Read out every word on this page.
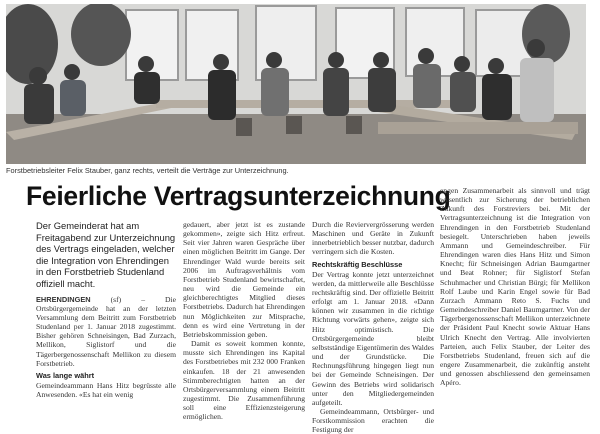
Forstbetriebsleiter Felix Stauber, ganz rechts, verteilt die Verträge zur Unterzeichnung.
Feierliche Vertragsunterzeichnung

Der Gemeinderat hat am Freitagabend zur Unterzeichnung des Vertrags eingeladen, welcher die Integration von Ehrendingen in den Forstbetrieb Studenland offiziell macht.

EHRENDINGEN	(sf) – Die Ortsbürgergemeinde hat an der letzten Versammlung dem Beitritt zum Forstbetrieb Studenland per 1. Januar 2018 zugestimmt. Bisher gehören Schneisingen, Bad Zurzach, Mellikon, Siglistorf und die Tägerbergenossenschaft Mellikon zu diesem Forstbetrieb.

Was lange währt

Gemeindeammann Hans Hitz begrüsste alle Anwesenden. «Es hat ein wenig

gedauert, aber jetzt ist es zustande gekommen», zeigte sich Hitz erfreut. Seit vier Jahren waren Gespräche über einen möglichen Beitritt im Gange. Der Ehrendinger Wald wurde bereits seit 2006 im Auftragsverhältnis vom Forstbetrieb Studenland bewirtschaftet, neu wird die Gemeinde ein gleichberechtigtes Mitglied dieses Forstbetriebs. Dadurch hat Ehrendingen nun Möglichkeiten zur Mitsprache, denn es wird eine Vertretung in der Betriebskommission geben.

Damit es soweit kommen konnte, musste sich Ehrendingen ins Kapital des Forstbetriebes mit 232 000 Franken einkaufen. 18 der 21 anwesenden Stimmberechtigten hatten an der Ortsbürgerversammlung einem Beitritt zugestimmt. Die Zusammenführung soll eine Effizienzsteigerung ermöglichen.

Durch die Reviervergrösserung werden Maschinen und Geräte in Zukunft innerbetrieblich besser nutzbar, dadurch verringern sich die Kosten.

Rechtskräftig Beschlüsse

Der Vertrag konnte jetzt unterzeichnet werden, da mittlerweile alle Beschlüsse rechtskräftig sind. Der offizielle Beitritt erfolgt am 1. Januar 2018. «Dann können wir zusammen in die richtige Richtung vorwärts gehen», zeigte sich Hitz optimistisch. Die Ortsbürgergemeinde bleibt selbstständige Eigentümerin des Waldes und der Grundstücke. Die Rechnungsführung hingegen liegt nun bei der Gemeinde Schneisingen. Der Gewinn des Betriebs wird solidarisch unter den Mitgliedergemeinden aufgeteilt.

Gemeindeammann, Ortsbürger- und Forstkommission erachten die Festigung der

engen Zusammenarbeit als sinnvoll und trägt wesentlich zur Sicherung der betrieblichen Zukunft des Forstreviers bei. Mit der Vertragsunterzeichnung ist die Integration von Ehrendingen in den Forstbetrieb Studenland besiegelt. Unterschrieben haben jeweils Ammann und Gemeindeschreiber. Für Ehrendingen waren dies Hans Hitz und Simon Knecht; für Schneisingen Adrian Baumgartner und Beat Rohner; für Siglistorf Stefan Schuhmacher und Christian Bürgi; für Mellikon Rolf Laube und Karin Engel sowie für Bad Zurzach Ammann Reto S. Fuchs und Gemeindeschreiber Daniel Baumgartner. Von der Tägerbergenossenschaft Mellikon unterzeichnete der Präsident Paul Knecht sowie Aktuar Hans Ulrich Knecht den Vertrag. Alle involvierten Parteien, auch Felix Stauber, der Leiter des Forstbetriebs Studenland, freuen sich auf die engere Zusammenarbeit, die zukünftig ansteht und genossen abschliessend den gemeinsamen Apéro.
